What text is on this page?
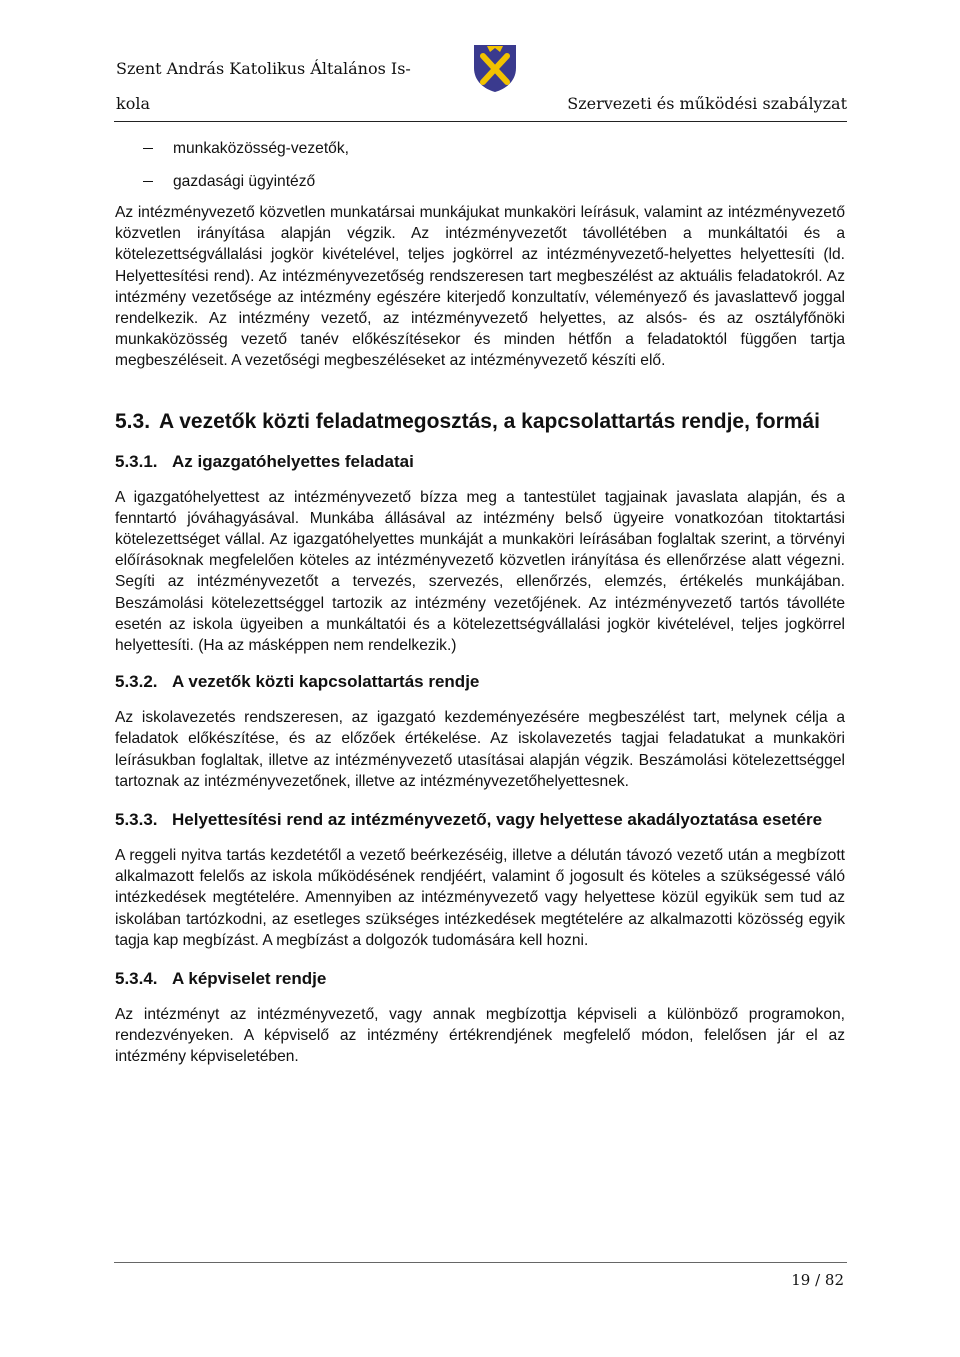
Szent András Katolikus Általános Is-
kola	Szervezeti és működési szabályzat
munkaközösség-vezetők,
gazdasági ügyintéző

Az intézményvezető közvetlen munkatársai munkájukat munkaköri leírásuk, valamint az intézményvezető közvetlen irányítása alapján végzik. Az intézményvezetőt távollétében a munkáltatói és a kötelezettségvállalási jogkör kivételével, teljes jogkörrel az intézményvezető-helyettes helyettesíti (ld. Helyettesítési rend). Az intézményvezetőség rendszeresen tart megbeszélést az aktuális feladatokról. Az intézmény vezetősége az intézmény egészére kiterjedő konzultatív, véleményező és javaslattevő joggal rendelkezik. Az intézmény vezető, az intézményvezető helyettes, az alsós- és az osztályfőnöki munkaközösség vezető tanév előkészítésekor és minden hétfőn a feladatoktól függően tartja megbeszéléseit. A vezetőségi megbeszéléseket az intézményvezető készíti elő.

5.3. A vezetők közti feladatmegosztás, a kapcsolattartás rendje, formái
5.3.1. Az igazgatóhelyettes feladatai

A igazgatóhelyettest az intézményvezető bízza meg a tantestület tagjainak javaslata alapján, és a fenntartó jóváhagyásával. Munkába állásával az intézmény belső ügyeire vonatkozóan titoktartási kötelezettséget vállal. Az igazgatóhelyettes munkáját a munkaköri leírásában foglaltak szerint, a törvényi előírásoknak megfelelően köteles az intézményvezető közvetlen irányítása és ellenőrzése alatt végezni. Segíti az intézményvezetőt a tervezés, szervezés, ellenőrzés, elemzés, értékelés munkájában. Beszámolási kötelezettséggel tartozik az intézmény vezetőjének. Az intézményvezető tartós távolléte esetén az iskola ügyeiben a munkáltatói és a kötelezettségvállalási jogkör kivételével, teljes jogkörrel helyettesíti. (Ha az másképpen nem rendelkezik.)

5.3.2. A vezetők közti kapcsolattartás rendje

Az iskolavezetés rendszeresen, az igazgató kezdeményezésére megbeszélést tart, melynek célja a feladatok előkészítése, és az előzőek értékelése. Az iskolavezetés tagjai feladatukat a munkaköri leírásukban foglaltak, illetve az intézményvezető utasításai alapján végzik. Beszámolási kötelezettséggel tartoznak az intézményvezetőnek, illetve az intézményvezetőhelyettesnek.

5.3.3. Helyettesítési rend az intézményvezető, vagy helyettese akadályoztatása esetére

A reggeli nyitva tartás kezdetétől a vezető beérkezéséig, illetve a délután távozó vezető után a megbízott alkalmazott felelős az iskola működésének rendjéért, valamint ő jogosult és köteles a szükségessé váló intézkedések megtételére. Amennyiben az intézményvezető vagy helyettese közül egyikük sem tud az iskolában tartózkodni, az esetleges szükséges intézkedések megtételére az alkalmazotti közösség egyik tagja kap megbízást. A megbízást a dolgozók tudomására kell hozni.

5.3.4. A képviselet rendje

Az intézményt az intézményvezető, vagy annak megbízottja képviseli a különböző programokon, rendezvényeken. A képviselő az intézmény értékrendjének megfelelő módon, felelősen jár el az intézmény képviseletében.

19 / 82
